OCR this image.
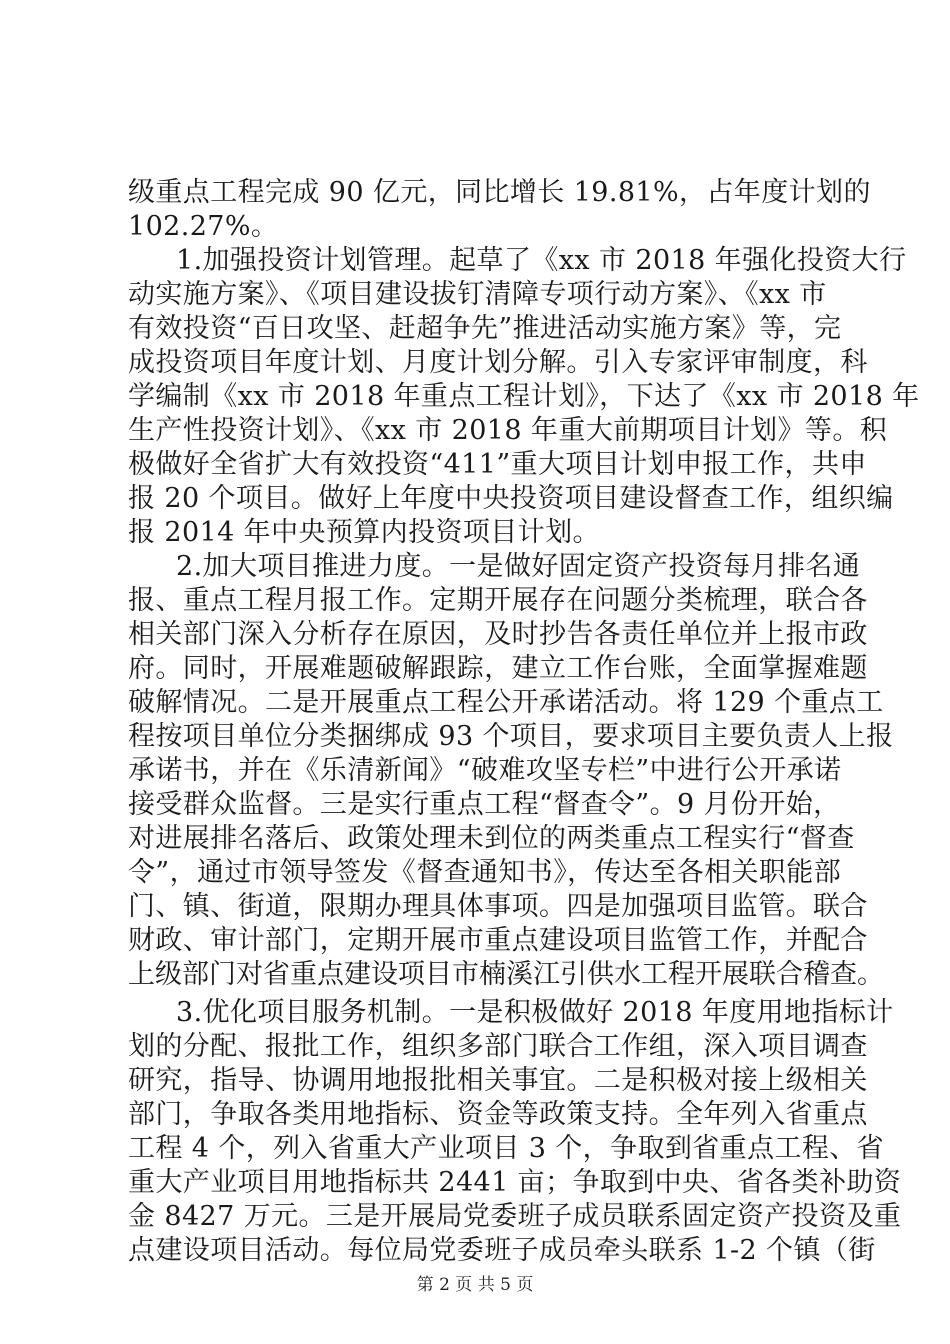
级重点工程完成 90 亿元，同比增长 19.81%，占年度计划的
102.27%。
1.加强投资计划管理。起草了《xx 市 2018 年强化投资大行
动实施方案》、《项目建设拔钉清障专项行动方案》、《xx 市
有效投资“百日攻坚、赶超争先”推进活动实施方案》等，完
成投资项目年度计划、月度计划分解。引入专家评审制度，科
学编制《xx 市 2018 年重点工程计划》，下达了《xx 市 2018 年
生产性投资计划》、《xx 市 2018 年重大前期项目计划》等。积
极做好全省扩大有效投资“411”重大项目计划申报工作，共申
报 20 个项目。做好上年度中央投资项目建设督查工作，组织编
报 2014 年中央预算内投资项目计划。
2.加大项目推进力度。一是做好固定资产投资每月排名通
报、重点工程月报工作。定期开展存在问题分类梳理，联合各
相关部门深入分析存在原因，及时抄告各责任单位并上报市政
府。同时，开展难题破解跟踪，建立工作台账，全面掌握难题
破解情况。二是开展重点工程公开承诺活动。将 129 个重点工
程按项目单位分类捆绑成 93 个项目，要求项目主要负责人上报
承诺书，并在《乐清新闻》“破难攻坚专栏”中进行公开承诺
接受群众监督。三是实行重点工程“督查令”。9 月份开始，
对进展排名落后、政策处理未到位的两类重点工程实行“督查
令”，通过市领导签发《督查通知书》，传达至各相关职能部
门、镇、街道，限期办理具体事项。四是加强项目监管。联合
财政、审计部门，定期开展市重点建设项目监管工作，并配合
上级部门对省重点建设项目市楠溪江引供水工程开展联合稽查。
3.优化项目服务机制。一是积极做好 2018 年度用地指标计
划的分配、报批工作，组织多部门联合工作组，深入项目调查
研究，指导、协调用地报批相关事宜。二是积极对接上级相关
部门，争取各类用地指标、资金等政策支持。全年列入省重点
工程 4 个，列入省重大产业项目 3 个，争取到省重点工程、省
重大产业项目用地指标共 2441 亩；争取到中央、省各类补助资
金 8427 万元。三是开展局党委班子成员联系固定资产投资及重
第 2 页 共 5 页
点建设项目活动。每位局党委班子成员牵头联系 1-2 个镇（街
